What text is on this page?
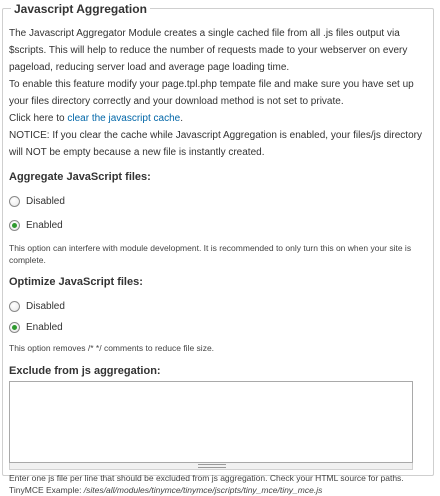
Javascript Aggregation

The Javascript Aggregator Module creates a single cached file from all .js files output via $scripts. This will help to reduce the number of requests made to your webserver on every pageload, reducing server load and average page loading time.

To enable this feature modify your page.tpl.php tempate file and make sure you have set up your files directory correctly and your download method is not set to private.

Click here to clear the javascript cache.

NOTICE: If you clear the cache while Javascript Aggregation is enabled, your files/js directory will NOT be empty because a new file is instantly created.

Aggregate JavaScript files:

Disabled
Enabled

This option can interfere with module development. It is recommended to only turn this on when your site is complete.

Optimize JavaScript files:

Disabled
Enabled

This option removes /* */ comments to reduce file size.

Exclude from js aggregation:

Enter one js file per line that should be excluded from js aggregation. Check your HTML source for paths. TinyMCE Example: /sites/all/modules/tinymce/tinymce/jscripts/tiny_mce/tiny_mce.js
